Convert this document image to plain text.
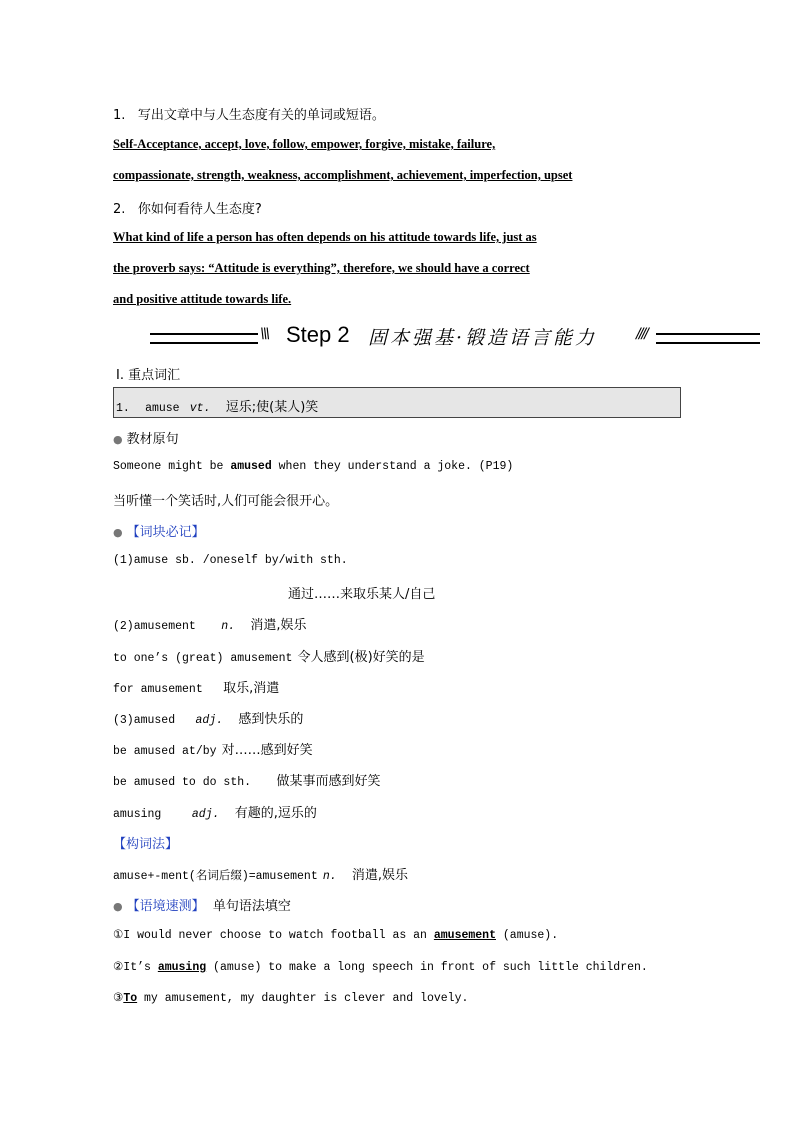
1. 写出文章中与人生态度有关的单词或短语。
Self-Acceptance, accept, love, follow, empower, forgive, mistake, failure,
compassionate, strength, weakness, accomplishment, achievement, imperfection, upset
2. 你如何看待人生态度?
What kind of life a person has often depends on his attitude towards life, just as
the proverb says: “Attitude is everything”, therefore, we should have a correct
and positive attitude towards life.
\\\ Step 2 固本强基·锻造语言能力	////
Ⅰ. 重点词汇
1. amuse vt. 逗乐;使(某人)笑
● 教材原句
Someone might be amused when they understand a joke. (P19)
当听懂一个笑话时,人们可能会很开心。
● 【词块必记】
(1)amuse sb. /oneself by/with sth.
通过……来取乐某人/自己
(2)amusement n. 消遣,娱乐
to one’s (great) amusement 令人感到(极)好笑的是
for amusement 取乐,消遣
(3)amused adj. 感到快乐的
be amused at/by 对……感到好笑
be amused to do sth. 做某事而感到好笑
amusing	adj. 有趣的,逗乐的
【构词法】
amuse+-ment(名词后缀)=amusement n. 消遣,娱乐
● 【语境速测】 单句语法填空
①I would never choose to watch football as an amusement (amuse).
②It’s amusing (amuse) to make a long speech in front of such little children.
③To my amusement, my daughter is clever and lovely.
